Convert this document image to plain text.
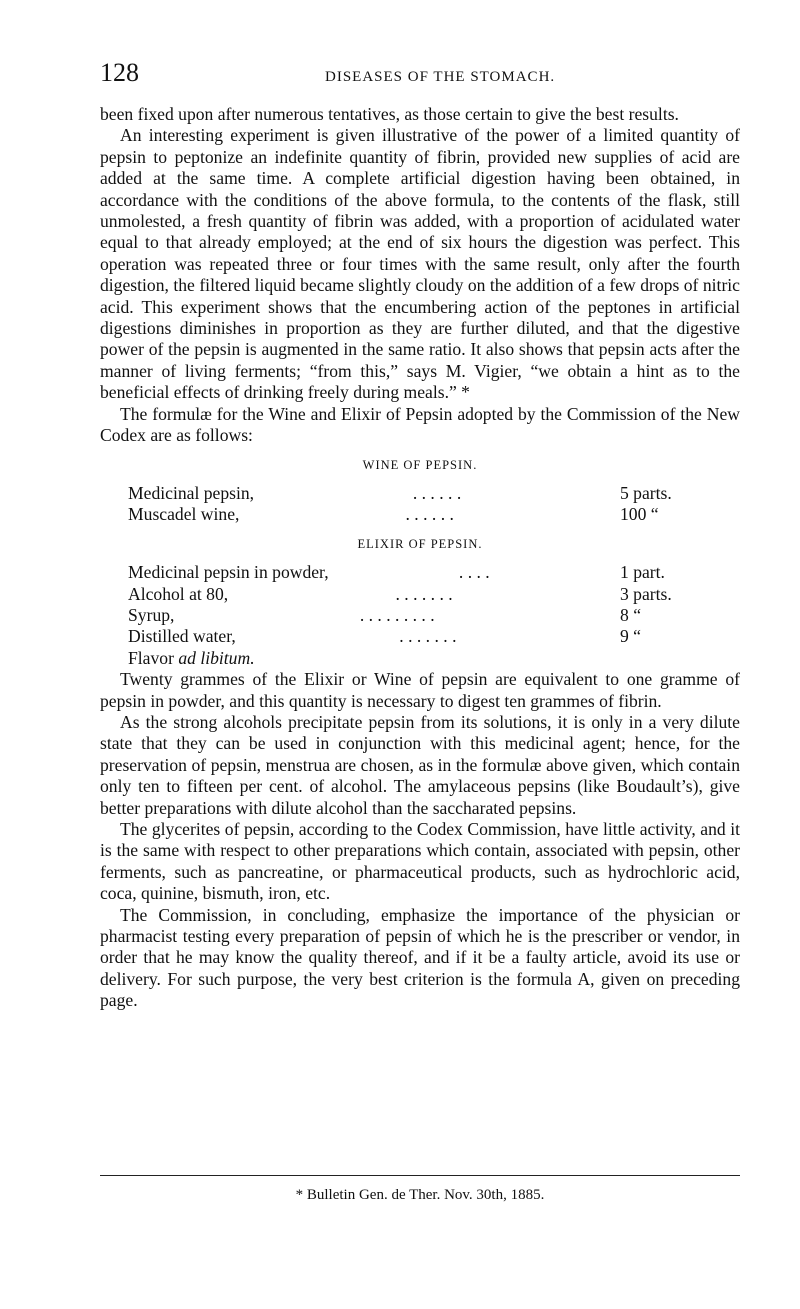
128	DISEASES OF THE STOMACH.

been fixed upon after numerous tentatives, as those certain to give the best results.

An interesting experiment is given illustrative of the power of a limited quantity of pepsin to peptonize an indefinite quantity of fibrin, provided new supplies of acid are added at the same time. A complete artificial digestion having been obtained, in accordance with the conditions of the above formula, to the contents of the flask, still unmolested, a fresh quantity of fibrin was added, with a proportion of acidulated water equal to that already employed; at the end of six hours the digestion was perfect. This operation was repeated three or four times with the same result, only after the fourth digestion, the filtered liquid became slightly cloudy on the addition of a few drops of nitric acid. This experiment shows that the encumbering action of the peptones in artificial digestions diminishes in proportion as they are further diluted, and that the digestive power of the pepsin is augmented in the same ratio. It also shows that pepsin acts after the manner of living ferments; “from this,” says M. Vigier, “we obtain a hint as to the beneficial effects of drinking freely during meals.” *

The formulæ for the Wine and Elixir of Pepsin adopted by the Commission of the New Codex are as follows:

WINE OF PEPSIN.
Medicinal pepsin,	. . . . . .	5 parts.
Muscadel wine,	. . . . . .	100 “
ELIXIR OF PEPSIN.
Medicinal pepsin in powder,	. . . .	1 part.
Alcohol at 80,	. . . . . . .	3 parts.
Syrup,	. . . . . . . . .	8 “
Distilled water,	. . . . . . .	9 “
Flavor ad libitum.

Twenty grammes of the Elixir or Wine of pepsin are equivalent to one gramme of pepsin in powder, and this quantity is necessary to digest ten grammes of fibrin.

As the strong alcohols precipitate pepsin from its solutions, it is only in a very dilute state that they can be used in conjunction with this medicinal agent; hence, for the preservation of pepsin, menstrua are chosen, as in the formulæ above given, which contain only ten to fifteen per cent. of alcohol. The amylaceous pepsins (like Boudault’s), give better preparations with dilute alcohol than the saccharated pepsins.

The glycerites of pepsin, according to the Codex Commission, have little activity, and it is the same with respect to other preparations which contain, associated with pepsin, other ferments, such as pancreatine, or pharmaceutical products, such as hydrochloric acid, coca, quinine, bismuth, iron, etc.

The Commission, in concluding, emphasize the importance of the physician or pharmacist testing every preparation of pepsin of which he is the prescriber or vendor, in order that he may know the quality thereof, and if it be a faulty article, avoid its use or delivery. For such purpose, the very best criterion is the formula A, given on preceding page.

* Bulletin Gen. de Ther. Nov. 30th, 1885.
